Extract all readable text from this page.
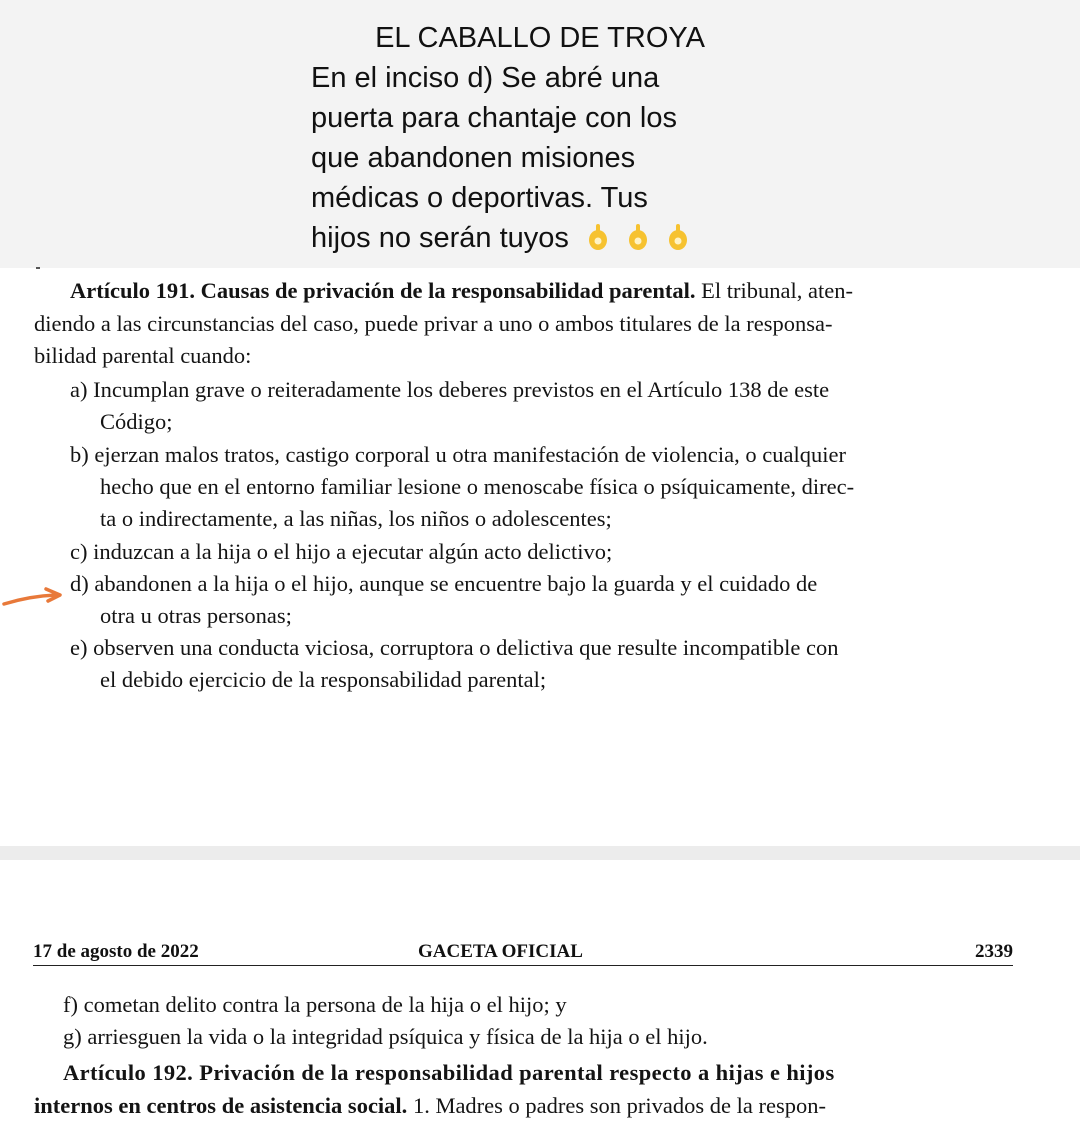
EL CABALLO DE TROYA
En el inciso d) Se abré una
puerta para chantaje con los
que abandonen misiones
médicas o deportivas. Tus
hijos no serán tuyos
Artículo 191. Causas de privación de la responsabilidad parental. El tribunal, aten-
diendo a las circunstancias del caso, puede privar a uno o ambos titulares de la responsa-
bilidad parental cuando:
a) Incumplan grave o reiteradamente los deberes previstos en el Artículo 138 de este
Código;
b) ejerzan malos tratos, castigo corporal u otra manifestación de violencia, o cualquier
hecho que en el entorno familiar lesione o menoscabe física o psíquicamente, direc-
ta o indirectamente, a las niñas, los niños o adolescentes;
c) induzcan a la hija o el hijo a ejecutar algún acto delictivo;
d) abandonen a la hija o el hijo, aunque se encuentre bajo la guarda y el cuidado de
otra u otras personas;
e) observen una conducta viciosa, corruptora o delictiva que resulte incompatible con
el debido ejercicio de la responsabilidad parental;
17 de agosto de 2022	GACETA OFICIAL	2339
f) cometan delito contra la persona de la hija o el hijo; y
g) arriesguen la vida o la integridad psíquica y física de la hija o el hijo.
Artículo 192. Privación de la responsabilidad parental respecto a hijas e hijos
internos en centros de asistencia social. 1. Madres o padres son privados de la respon-
